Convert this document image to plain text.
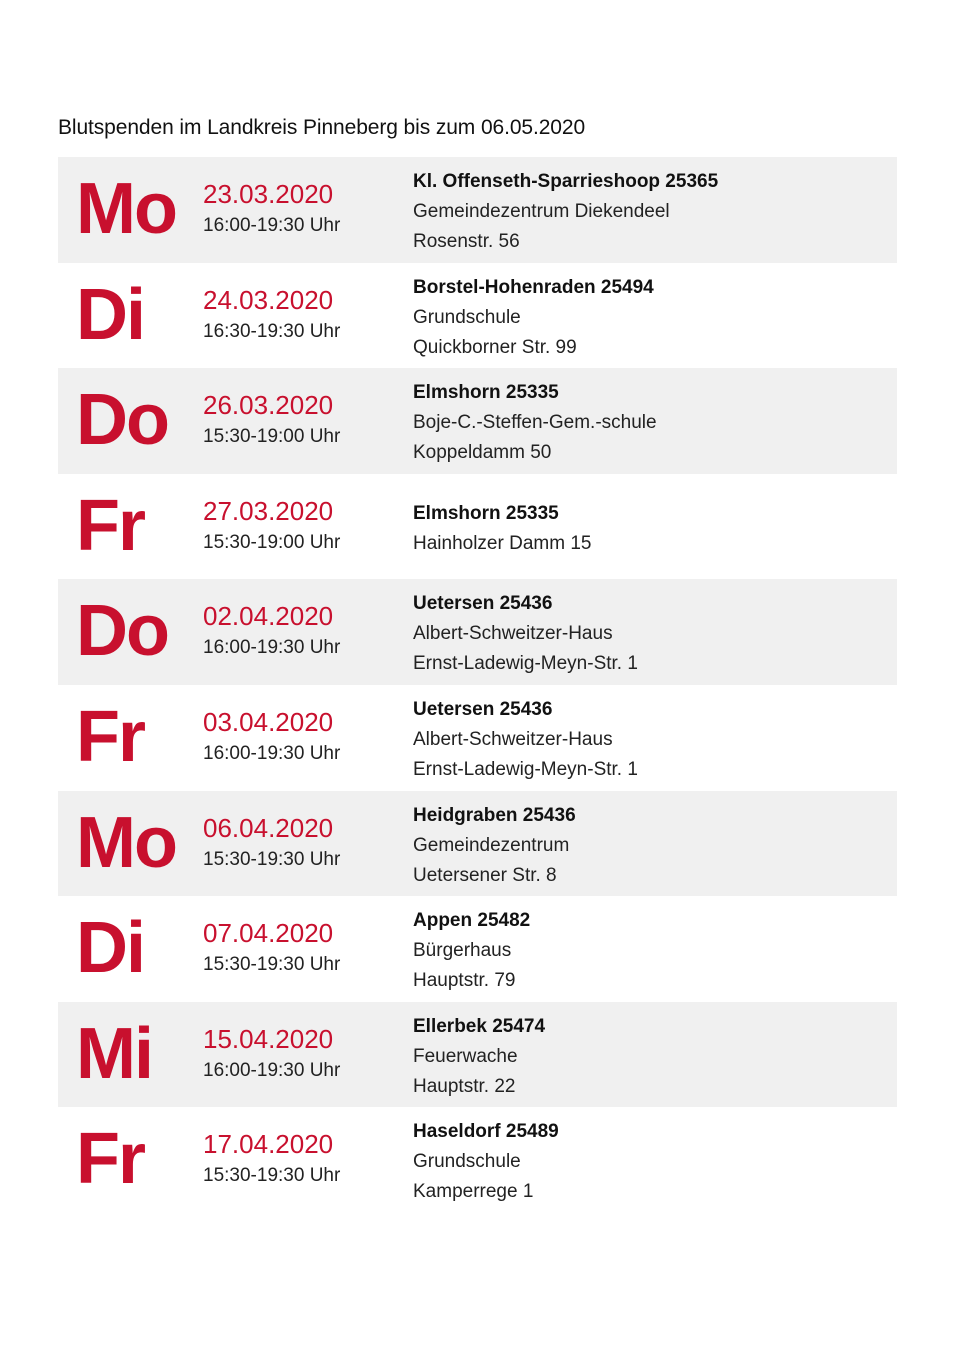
Blutspenden im Landkreis Pinneberg bis zum 06.05.2020
Mo 23.03.2020
16:00-19:30 Uhr
Kl. Offenseth-Sparrieshoop 25365
Gemeindezentrum Diekendeel
Rosenstr. 56
Di 24.03.2020
16:30-19:30 Uhr
Borstel-Hohenraden 25494
Grundschule
Quickborner Str. 99
Do 26.03.2020
15:30-19:00 Uhr
Elmshorn 25335
Boje-C.-Steffen-Gem.-schule
Koppeldamm 50
Fr 27.03.2020
15:30-19:00 Uhr
Elmshorn 25335
Hainholzer Damm 15
Do 02.04.2020
16:00-19:30 Uhr
Uetersen 25436
Albert-Schweitzer-Haus
Ernst-Ladewig-Meyn-Str. 1
Fr 03.04.2020
16:00-19:30 Uhr
Uetersen 25436
Albert-Schweitzer-Haus
Ernst-Ladewig-Meyn-Str. 1
Mo 06.04.2020
15:30-19:30 Uhr
Heidgraben 25436
Gemeindezentrum
Uetersener Str. 8
Di 07.04.2020
15:30-19:30 Uhr
Appen 25482
Bürgerhaus
Hauptstr. 79
Mi 15.04.2020
16:00-19:30 Uhr
Ellerbek 25474
Feuerwache
Hauptstr. 22
Fr 17.04.2020
15:30-19:30 Uhr
Haseldorf 25489
Grundschule
Kamperrege 1
